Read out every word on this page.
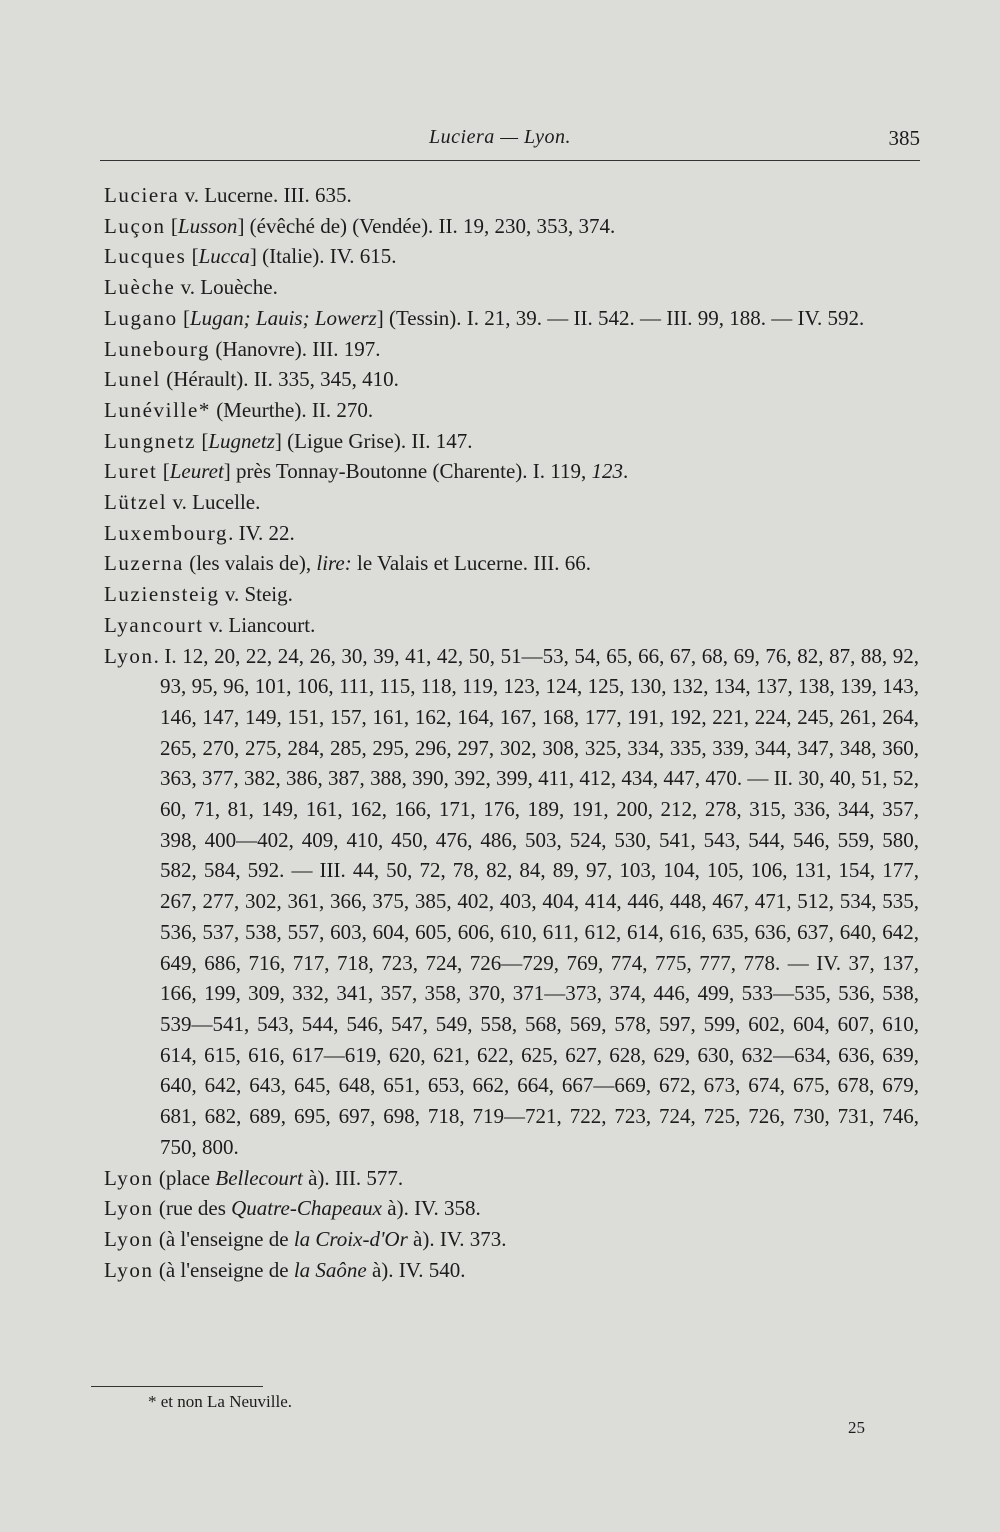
Luciera — Lyon.	385
Luciera v. Lucerne. III. 635.
Luçon [Lusson] (évêché de) (Vendée). II. 19, 230, 353, 374.
Lucques [Lucca] (Italie). IV. 615.
Luèche v. Louèche.
Lugano [Lugan; Lauis; Lowerz] (Tessin). I. 21, 39. — II. 542. — III. 99, 188. — IV. 592.
Lunebourg (Hanovre). III. 197.
Lunel (Hérault). II. 335, 345, 410.
Lunéville* (Meurthe). II. 270.
Lungnetz [Lugnetz] (Ligue Grise). II. 147.
Luret [Leuret] près Tonnay-Boutonne (Charente). I. 119, 123.
Lützel v. Lucelle.
Luxembourg. IV. 22.
Luzerna (les valais de), lire: le Valais et Lucerne. III. 66.
Luziensteig v. Steig.
Lyancourt v. Liancourt.
Lyon. I. 12, 20, 22, 24, 26, 30, 39, 41, 42, 50, 51—53, 54, 65, 66, 67, 68, 69, 76, 82, 87, 88, 92, 93, 95, 96, 101, 106, 111, 115, 118, 119, 123, 124, 125, 130, 132, 134, 137, 138, 139, 143, 146, 147, 149, 151, 157, 161, 162, 164, 167, 168, 177, 191, 192, 221, 224, 245, 261, 264, 265, 270, 275, 284, 285, 295, 296, 297, 302, 308, 325, 334, 335, 339, 344, 347, 348, 360, 363, 377, 382, 386, 387, 388, 390, 392, 399, 411, 412, 434, 447, 470. — II. 30, 40, 51, 52, 60, 71, 81, 149, 161, 162, 166, 171, 176, 189, 191, 200, 212, 278, 315, 336, 344, 357, 398, 400—402, 409, 410, 450, 476, 486, 503, 524, 530, 541, 543, 544, 546, 559, 580, 582, 584, 592. — III. 44, 50, 72, 78, 82, 84, 89, 97, 103, 104, 105, 106, 131, 154, 177, 267, 277, 302, 361, 366, 375, 385, 402, 403, 404, 414, 446, 448, 467, 471, 512, 534, 535, 536, 537, 538, 557, 603, 604, 605, 606, 610, 611, 612, 614, 616, 635, 636, 637, 640, 642, 649, 686, 716, 717, 718, 723, 724, 726—729, 769, 774, 775, 777, 778. — IV. 37, 137, 166, 199, 309, 332, 341, 357, 358, 370, 371—373, 374, 446, 499, 533—535, 536, 538, 539—541, 543, 544, 546, 547, 549, 558, 568, 569, 578, 597, 599, 602, 604, 607, 610, 614, 615, 616, 617—619, 620, 621, 622, 625, 627, 628, 629, 630, 632—634, 636, 639, 640, 642, 643, 645, 648, 651, 653, 662, 664, 667—669, 672, 673, 674, 675, 678, 679, 681, 682, 689, 695, 697, 698, 718, 719—721, 722, 723, 724, 725, 726, 730, 731, 746, 750, 800.
Lyon (place Bellecourt à). III. 577.
Lyon (rue des Quatre-Chapeaux à). IV. 358.
Lyon (à l'enseigne de la Croix-d'Or à). IV. 373.
Lyon (à l'enseigne de la Saône à). IV. 540.
* et non La Neuville.
25
